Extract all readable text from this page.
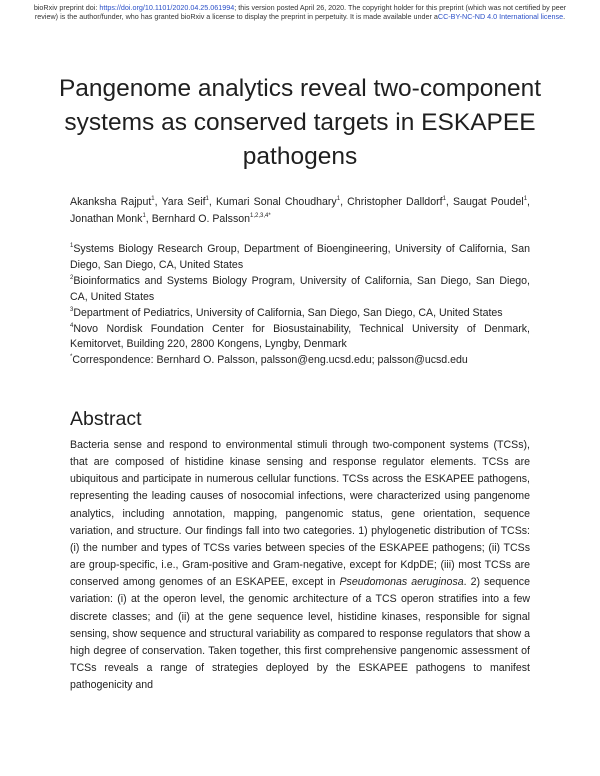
bioRxiv preprint doi: https://doi.org/10.1101/2020.04.25.061994; this version posted April 26, 2020. The copyright holder for this preprint (which was not certified by peer review) is the author/funder, who has granted bioRxiv a license to display the preprint in perpetuity. It is made available under aCC-BY-NC-ND 4.0 International license.
Pangenome analytics reveal two-component systems as conserved targets in ESKAPEE pathogens
Akanksha Rajput$^1$, Yara Seif$^1$, Kumari Sonal Choudhary$^1$, Christopher Dalldorf$^1$, Saugat Poudel$^1$, Jonathan Monk$^1$, Bernhard O. Palsson$^{1,2,3,4*}$
$^1$Systems Biology Research Group, Department of Bioengineering, University of California, San Diego, San Diego, CA, United States
$^2$Bioinformatics and Systems Biology Program, University of California, San Diego, San Diego, CA, United States
$^3$Department of Pediatrics, University of California, San Diego, San Diego, CA, United States
$^4$Novo Nordisk Foundation Center for Biosustainability, Technical University of Denmark, Kemitorvet, Building 220, 2800 Kongens, Lyngby, Denmark
*Correspondence: Bernhard O. Palsson, palsson@eng.ucsd.edu; palsson@ucsd.edu
Abstract

Bacteria sense and respond to environmental stimuli through two-component systems (TCSs), that are composed of histidine kinase sensing and response regulator elements. TCSs are ubiquitous and participate in numerous cellular functions. TCSs across the ESKAPEE pathogens, representing the leading causes of nosocomial infections, were characterized using pangenome analytics, including annotation, mapping, pangenomic status, gene orientation, sequence variation, and structure. Our findings fall into two categories. 1) phylogenetic distribution of TCSs: (i) the number and types of TCSs varies between species of the ESKAPEE pathogens; (ii) TCSs are group-specific, i.e., Gram-positive and Gram-negative, except for KdpDE; (iii) most TCSs are conserved among genomes of an ESKAPEE, except in Pseudomonas aeruginosa. 2) sequence variation: (i) at the operon level, the genomic architecture of a TCS operon stratifies into a few discrete classes; and (ii) at the gene sequence level, histidine kinases, responsible for signal sensing, show sequence and structural variability as compared to response regulators that show a high degree of conservation. Taken together, this first comprehensive pangenomic assessment of TCSs reveals a range of strategies deployed by the ESKAPEE pathogens to manifest pathogenicity and
